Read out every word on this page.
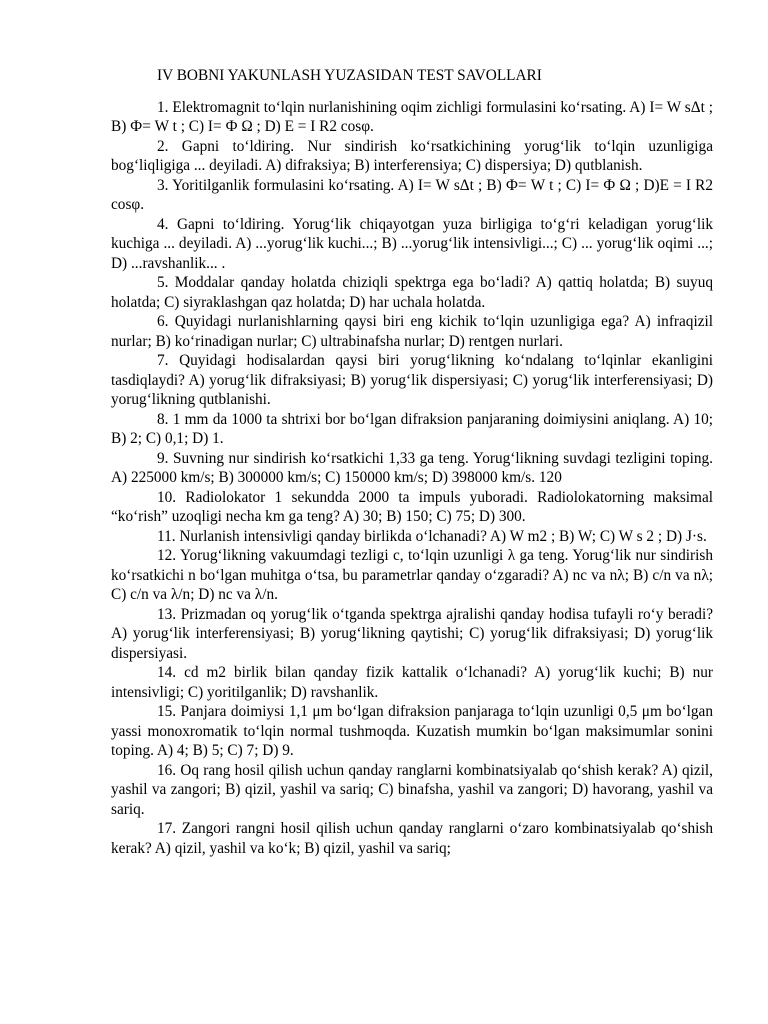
IV BOBNI YAKUNLASH YUZASIDAN TEST SAVOLLARI

1. Elektromagnit to‘lqin nurlanishining oqim zichligi formulasini ko‘rsating. A) I= W sΔt ; B) Ф= W t ; C) I= Ф Ω ; D) E = I R2 cosφ.

2. Gapni to‘ldiring. Nur sindirish ko‘rsatkichining yorug‘lik to‘lqin uzunligiga bog‘liqligiga ... deyiladi. A) difraksiya; B) interferensiya; C) dispersiya; D) qutblanish.

3. Yoritilganlik formulasini ko‘rsating. A) I= W sΔt ; B) Ф= W t ; C) I= Ф Ω ; D)E = I R2 cosφ.

4. Gapni to‘ldiring. Yorug‘lik chiqayotgan yuza birligiga to‘g‘ri keladigan yorug‘lik kuchiga ... deyiladi. A) ...yorug‘lik kuchi...; B) ...yorug‘lik intensivligi...; C) ... yorug‘lik oqimi ...; D) ...ravshanlik... .

5. Moddalar qanday holatda chiziqli spektrga ega bo‘ladi? A) qattiq holatda; B) suyuq holatda; C) siyraklashgan qaz holatda; D) har uchala holatda.

6. Quyidagi nurlanishlarning qaysi biri eng kichik to‘lqin uzunligiga ega? A) infraqizil nurlar; B) ko‘rinadigan nurlar; C) ultrabinafsha nurlar; D) rentgen nurlari.

7. Quyidagi hodisalardan qaysi biri yorug‘likning ko‘ndalang to‘lqinlar ekanligini tasdiqlaydi? A) yorug‘lik difraksiyasi; B) yorug‘lik dispersiyasi; C) yorug‘lik interferensiyasi; D) yorug‘likning qutblanishi.

8. 1 mm da 1000 ta shtrixi bor bo‘lgan difraksion panjaraning doimiysini aniqlang. A) 10; B) 2; C) 0,1; D) 1.

9. Suvning nur sindirish ko‘rsatkichi 1,33 ga teng. Yorug‘likning suvdagi tezligini toping. A) 225000 km/s; B) 300000 km/s; C) 150000 km/s; D) 398000 km/s. 120

10. Radiolokator 1 sekundda 2000 ta impuls yuboradi. Radiolokatorning maksimal “ko‘rish” uzoqligi necha km ga teng? A) 30; B) 150; C) 75; D) 300.

11. Nurlanish intensivligi qanday birlikda o‘lchanadi? A) W m2 ; B) W; C) W s 2 ; D) J·s.

12. Yorug‘likning vakuumdagi tezligi c, to‘lqin uzunligi λ ga teng. Yorug‘lik nur sindirish ko‘rsatkichi n bo‘lgan muhitga o‘tsa, bu parametrlar qanday o‘zgaradi? A) nc va nλ; B) c/n va nλ; C) c/n va λ/n; D) nc va λ/n.

13. Prizmadan oq yorug‘lik o‘tganda spektrga ajralishi qanday hodisa tufayli ro‘y beradi? A) yorug‘lik interferensiyasi; B) yorug‘likning qaytishi; C) yorug‘lik difraksiyasi; D) yorug‘lik dispersiyasi.

14. cd m2 birlik bilan qanday fizik kattalik o‘lchanadi? A) yorug‘lik kuchi; B) nur intensivligi; C) yoritilganlik; D) ravshanlik.

15. Panjara doimiysi 1,1 μm bo‘lgan difraksion panjaraga to‘lqin uzunligi 0,5 μm bo‘lgan yassi monoxromatik to‘lqin normal tushmoqda. Kuzatish mumkin bo‘lgan maksimumlar sonini toping. A) 4; B) 5; C) 7; D) 9.

16. Oq rang hosil qilish uchun qanday ranglarni kombinatsiyalab qo‘shish kerak? A) qizil, yashil va zangori; B) qizil, yashil va sariq; C) binafsha, yashil va zangori; D) havorang, yashil va sariq.

17. Zangori rangni hosil qilish uchun qanday ranglarni o‘zaro kombinatsiyalab qo‘shish kerak? A) qizil, yashil va ko‘k; B) qizil, yashil va sariq;
